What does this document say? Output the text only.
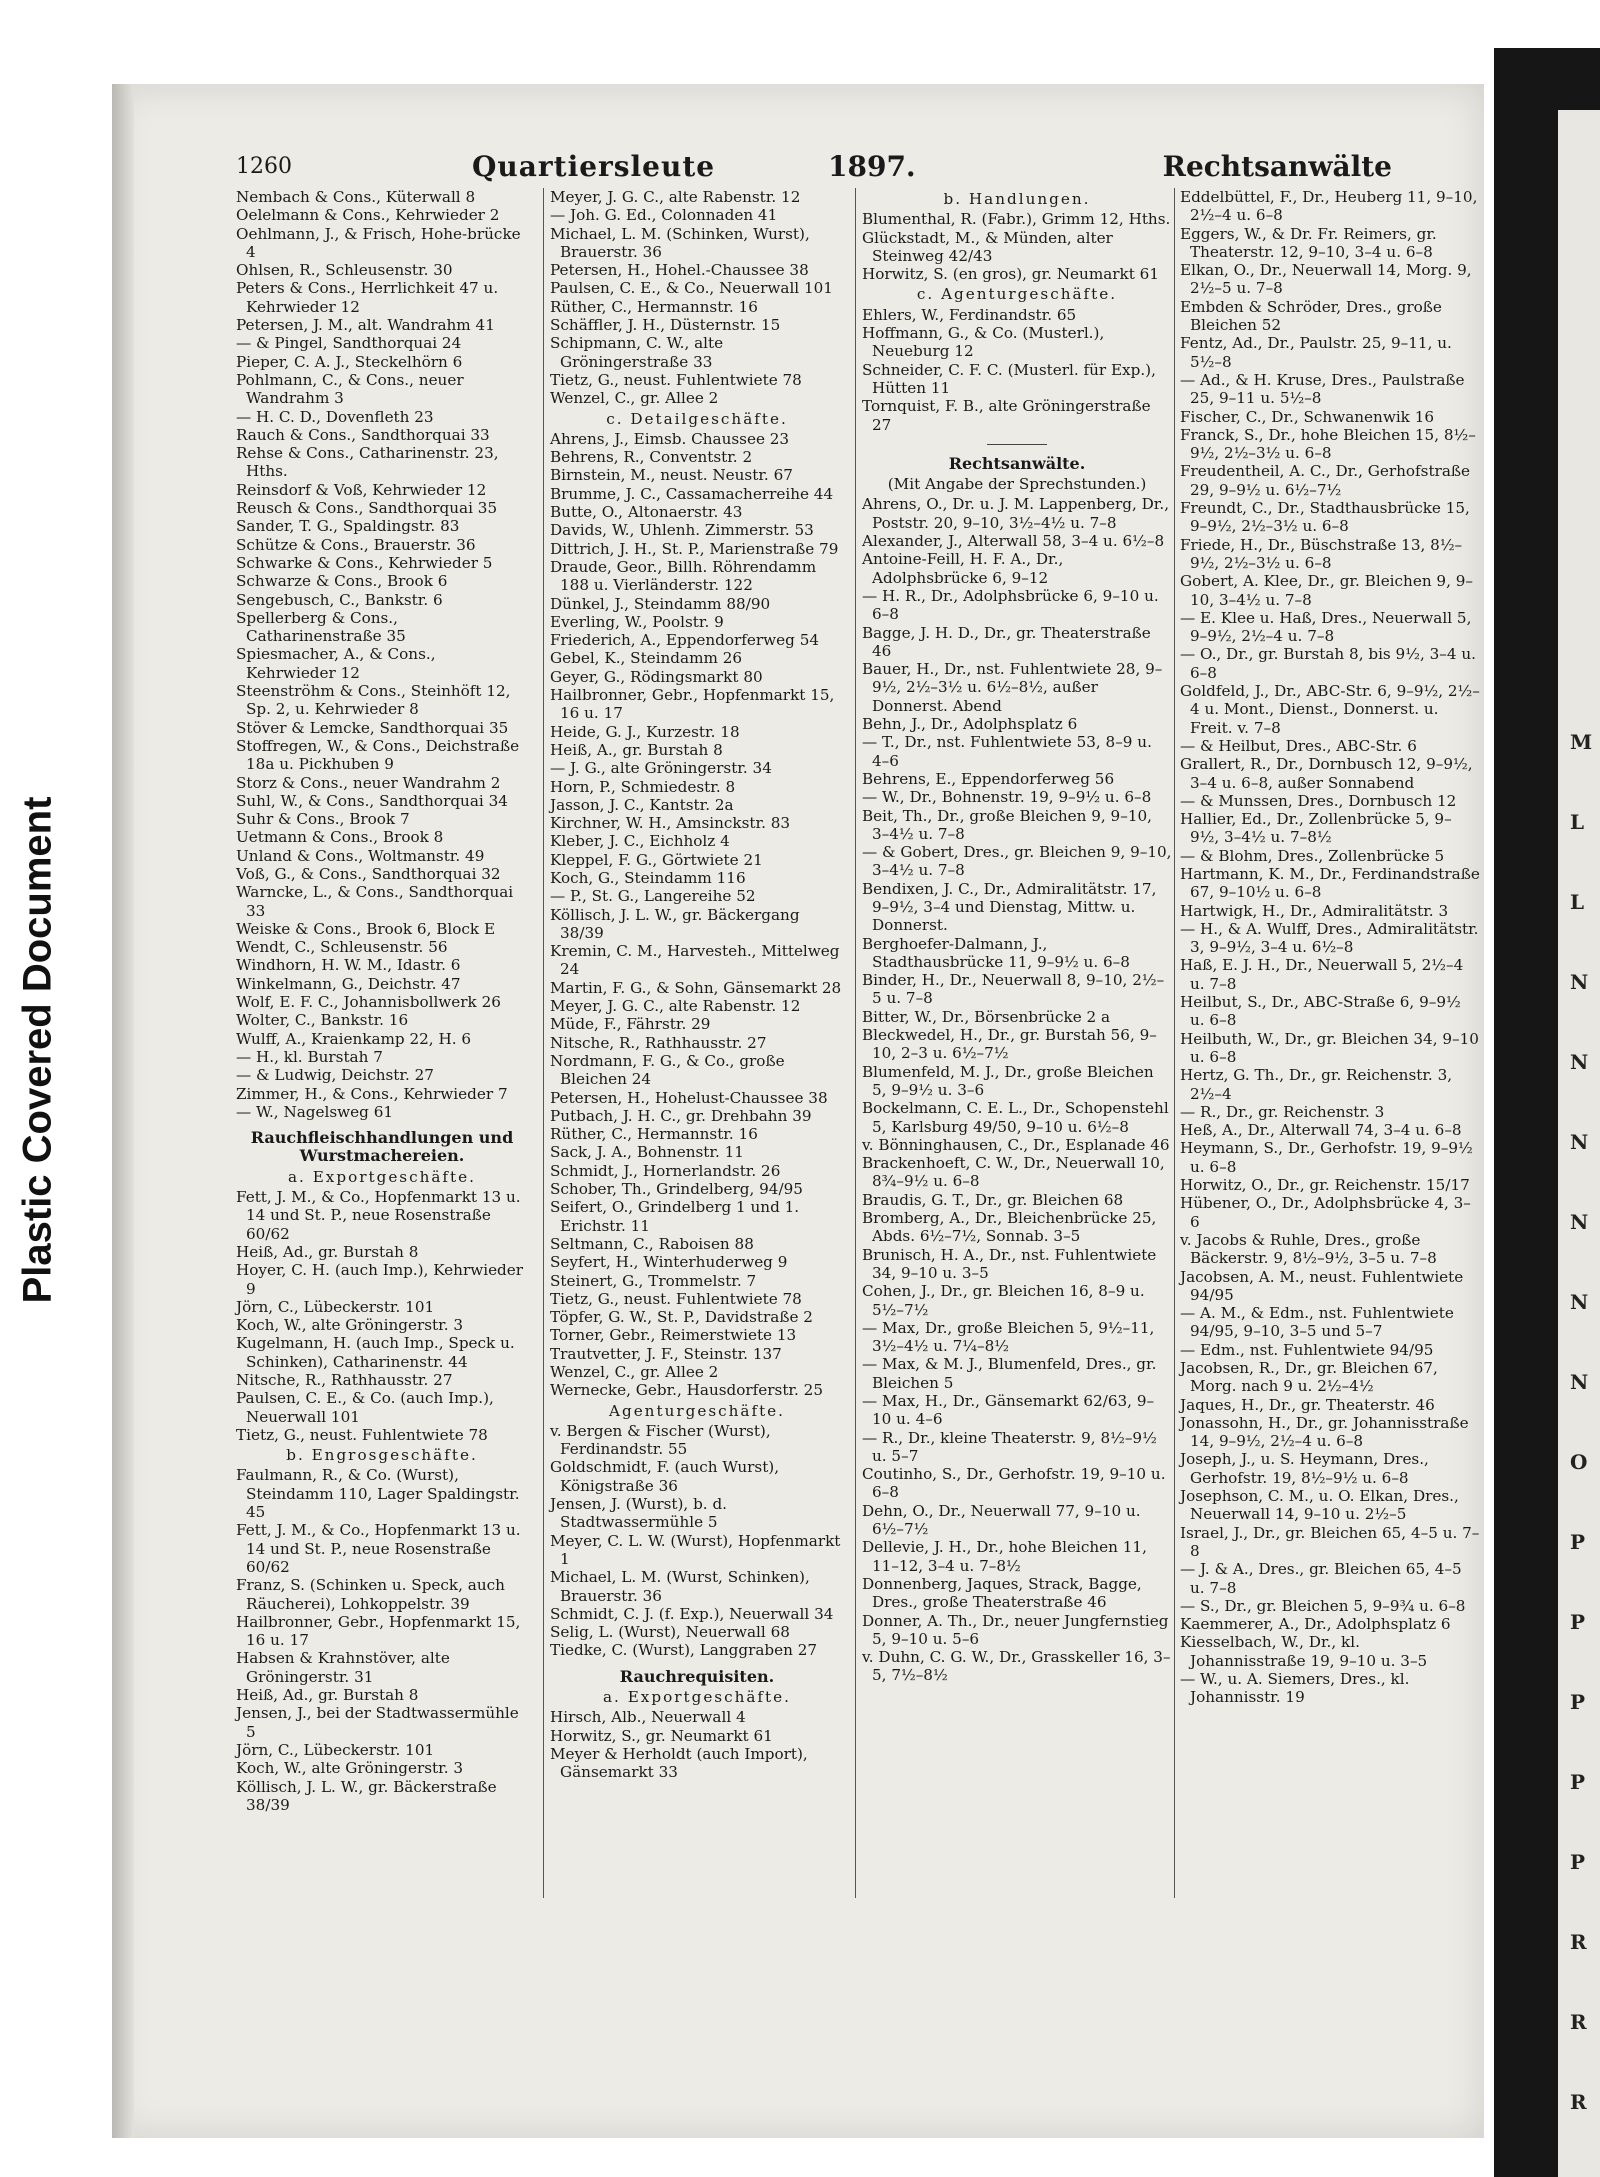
Plastic Covered Document
M
L
L
N
N
N
N
N
N
O
P
P
P
P
P
R
R
R
1260	Quartiersleute	1897.	Rechtsanwälte
Nembach & Cons., Küterwall 8
Oelelmann & Cons., Kehrwieder 2
Oehlmann, J., & Frisch, Hohe-brücke 4
Ohlsen, R., Schleusenstr. 30
Peters & Cons., Herrlichkeit 47 u. Kehrwieder 12
Petersen, J. M., alt. Wandrahm 41
— & Pingel, Sandthorquai 24
Pieper, C. A. J., Steckelhörn 6
Pohlmann, C., & Cons., neuer Wandrahm 3
— H. C. D., Dovenfleth 23
Rauch & Cons., Sandthorquai 33
Rehse & Cons., Catharinenstr. 23, Hths.
Reinsdorf & Voß, Kehrwieder 12
Reusch & Cons., Sandthorquai 35
Sander, T. G., Spaldingstr. 83
Schütze & Cons., Brauerstr. 36
Schwarke & Cons., Kehrwieder 5
Schwarze & Cons., Brook 6
Sengebusch, C., Bankstr. 6
Spellerberg & Cons., Catharinenstraße 35
Spiesmacher, A., & Cons., Kehrwieder 12
Steenströhm & Cons., Steinhöft 12, Sp. 2, u. Kehrwieder 8
Stöver & Lemcke, Sandthorquai 35
Stoffregen, W., & Cons., Deichstraße 18a u. Pickhuben 9
Storz & Cons., neuer Wandrahm 2
Suhl, W., & Cons., Sandthorquai 34
Suhr & Cons., Brook 7
Uetmann & Cons., Brook 8
Unland & Cons., Woltmanstr. 49
Voß, G., & Cons., Sandthorquai 32
Warncke, L., & Cons., Sandthorquai 33
Weiske & Cons., Brook 6, Block E
Wendt, C., Schleusenstr. 56
Windhorn, H. W. M., Idastr. 6
Winkelmann, G., Deichstr. 47
Wolf, E. F. C., Johannisbollwerk 26
Wolter, C., Bankstr. 16
Wulff, A., Kraienkamp 22, H. 6
— H., kl. Burstah 7
— & Ludwig, Deichstr. 27
Zimmer, H., & Cons., Kehrwieder 7
— W., Nagelsweg 61
Rauchfleischhandlungen und Wurstmachereien.
a. Exportgeschäfte.
Fett, J. M., & Co., Hopfenmarkt 13 u. 14 und St. P., neue Rosenstraße 60/62
Heiß, Ad., gr. Burstah 8
Hoyer, C. H. (auch Imp.), Kehrwieder 9
Jörn, C., Lübeckerstr. 101
Koch, W., alte Gröningerstr. 3
Kugelmann, H. (auch Imp., Speck u. Schinken), Catharinenstr. 44
Nitsche, R., Rathhausstr. 27
Paulsen, C. E., & Co. (auch Imp.), Neuerwall 101
Tietz, G., neust. Fuhlentwiete 78
b. Engrosgeschäfte.
Faulmann, R., & Co. (Wurst), Steindamm 110, Lager Spaldingstr. 45
Fett, J. M., & Co., Hopfenmarkt 13 u. 14 und St. P., neue Rosenstraße 60/62
Franz, S. (Schinken u. Speck, auch Räucherei), Lohkoppelstr. 39
Hailbronner, Gebr., Hopfenmarkt 15, 16 u. 17
Habsen & Krahnstöver, alte Gröningerstr. 31
Heiß, Ad., gr. Burstah 8
Jensen, J., bei der Stadtwassermühle 5
Jörn, C., Lübeckerstr. 101
Koch, W., alte Gröningerstr. 3
Köllisch, J. L. W., gr. Bäckerstraße 38/39
Meyer, J. G. C., alte Rabenstr. 12
— Joh. G. Ed., Colonnaden 41
Michael, L. M. (Schinken, Wurst), Brauerstr. 36
Petersen, H., Hohel.-Chaussee 38
Paulsen, C. E., & Co., Neuerwall 101
Rüther, C., Hermannstr. 16
Schäffler, J. H., Düsternstr. 15
Schipmann, C. W., alte Gröningerstraße 33
Tietz, G., neust. Fuhlentwiete 78
Wenzel, C., gr. Allee 2
c. Detailgeschäfte.
Ahrens, J., Eimsb. Chaussee 23
Behrens, R., Conventstr. 2
Birnstein, M., neust. Neustr. 67
Brumme, J. C., Cassamacherreihe 44
Butte, O., Altonaerstr. 43
Davids, W., Uhlenh. Zimmerstr. 53
Dittrich, J. H., St. P., Marienstraße 79
Draude, Geor., Billh. Röhrendamm 188 u. Vierländerstr. 122
Dünkel, J., Steindamm 88/90
Everling, W., Poolstr. 9
Friederich, A., Eppendorferweg 54
Gebel, K., Steindamm 26
Geyer, G., Rödingsmarkt 80
Hailbronner, Gebr., Hopfenmarkt 15, 16 u. 17
Heide, G. J., Kurzestr. 18
Heiß, A., gr. Burstah 8
— J. G., alte Gröningerstr. 34
Horn, P., Schmiedestr. 8
Jasson, J. C., Kantstr. 2a
Kirchner, W. H., Amsinckstr. 83
Kleber, J. C., Eichholz 4
Kleppel, F. G., Görtwiete 21
Koch, G., Steindamm 116
— P., St. G., Langereihe 52
Köllisch, J. L. W., gr. Bäckergang 38/39
Kremin, C. M., Harvesteh., Mittelweg 24
Martin, F. G., & Sohn, Gänsemarkt 28
Meyer, J. G. C., alte Rabenstr. 12
Müde, F., Fährstr. 29
Nitsche, R., Rathhausstr. 27
Nordmann, F. G., & Co., große Bleichen 24
Petersen, H., Hohelust-Chaussee 38
Putbach, J. H. C., gr. Drehbahn 39
Rüther, C., Hermannstr. 16
Sack, J. A., Bohnenstr. 11
Schmidt, J., Hornerlandstr. 26
Schober, Th., Grindelberg, 94/95
Seifert, O., Grindelberg 1 und 1. Erichstr. 11
Seltmann, C., Raboisen 88
Seyfert, H., Winterhuderweg 9
Steinert, G., Trommelstr. 7
Tietz, G., neust. Fuhlentwiete 78
Töpfer, G. W., St. P., Davidstraße 2
Torner, Gebr., Reimerstwiete 13
Trautvetter, J. F., Steinstr. 137
Wenzel, C., gr. Allee 2
Wernecke, Gebr., Hausdorferstr. 25
Agenturgeschäfte.
v. Bergen & Fischer (Wurst), Ferdinandstr. 55
Goldschmidt, F. (auch Wurst), Königstraße 36
Jensen, J. (Wurst), b. d. Stadtwassermühle 5
Meyer, C. L. W. (Wurst), Hopfenmarkt 1
Michael, L. M. (Wurst, Schinken), Brauerstr. 36
Schmidt, C. J. (f. Exp.), Neuerwall 34
Selig, L. (Wurst), Neuerwall 68
Tiedke, C. (Wurst), Langgraben 27
Rauchrequisiten.
a. Exportgeschäfte.
Hirsch, Alb., Neuerwall 4
Horwitz, S., gr. Neumarkt 61
Meyer & Herholdt (auch Import), Gänsemarkt 33
b. Handlungen.
Blumenthal, R. (Fabr.), Grimm 12, Hths.
Glückstadt, M., & Münden, alter Steinweg 42/43
Horwitz, S. (en gros), gr. Neumarkt 61
c. Agenturgeschäfte.
Ehlers, W., Ferdinandstr. 65
Hoffmann, G., & Co. (Musterl.), Neueburg 12
Schneider, C. F. C. (Musterl. für Exp.), Hütten 11
Tornquist, F. B., alte Gröningerstraße 27
Rechtsanwälte.
(Mit Angabe der Sprechstunden.)
Ahrens, O., Dr. u. J. M. Lappenberg, Dr., Poststr. 20, 9–10, 3½–4½ u. 7–8
Alexander, J., Alterwall 58, 3–4 u. 6½–8
Antoine-Feill, H. F. A., Dr., Adolphsbrücke 6, 9–12
— H. R., Dr., Adolphsbrücke 6, 9–10 u. 6–8
Bagge, J. H. D., Dr., gr. Theaterstraße 46
Bauer, H., Dr., nst. Fuhlentwiete 28, 9–9½, 2½–3½ u. 6½–8½, außer Donnerst. Abend
Behn, J., Dr., Adolphsplatz 6
— T., Dr., nst. Fuhlentwiete 53, 8–9 u. 4–6
Behrens, E., Eppendorferweg 56
— W., Dr., Bohnenstr. 19, 9–9½ u. 6–8
Beit, Th., Dr., große Bleichen 9, 9–10, 3–4½ u. 7–8
— & Gobert, Dres., gr. Bleichen 9, 9–10, 3–4½ u. 7–8
Bendixen, J. C., Dr., Admiralitätstr. 17, 9–9½, 3–4 und Dienstag, Mittw. u. Donnerst.
Berghoefer-Dalmann, J., Stadthausbrücke 11, 9–9½ u. 6–8
Binder, H., Dr., Neuerwall 8, 9–10, 2½–5 u. 7–8
Bitter, W., Dr., Börsenbrücke 2 a
Bleckwedel, H., Dr., gr. Burstah 56, 9–10, 2–3 u. 6½–7½
Blumenfeld, M. J., Dr., große Bleichen 5, 9–9½ u. 3–6
Bockelmann, C. E. L., Dr., Schopenstehl 5, Karlsburg 49/50, 9–10 u. 6½–8
v. Bönninghausen, C., Dr., Esplanade 46
Brackenhoeft, C. W., Dr., Neuerwall 10, 8¾–9½ u. 6–8
Braudis, G. T., Dr., gr. Bleichen 68
Bromberg, A., Dr., Bleichenbrücke 25, Abds. 6½–7½, Sonnab. 3–5
Brunisch, H. A., Dr., nst. Fuhlentwiete 34, 9–10 u. 3–5
Cohen, J., Dr., gr. Bleichen 16, 8–9 u. 5½–7½
— Max, Dr., große Bleichen 5, 9½–11, 3½–4½ u. 7¼–8½
— Max, & M. J., Blumenfeld, Dres., gr. Bleichen 5
— Max, H., Dr., Gänsemarkt 62/63, 9–10 u. 4–6
— R., Dr., kleine Theaterstr. 9, 8½–9½ u. 5–7
Coutinho, S., Dr., Gerhofstr. 19, 9–10 u. 6–8
Dehn, O., Dr., Neuerwall 77, 9–10 u. 6½–7½
Dellevie, J. H., Dr., hohe Bleichen 11, 11–12, 3–4 u. 7–8½
Donnenberg, Jaques, Strack, Bagge, Dres., große Theaterstraße 46
Donner, A. Th., Dr., neuer Jungfernstieg 5, 9–10 u. 5–6
v. Duhn, C. G. W., Dr., Grasskeller 16, 3–5, 7½–8½
Eddelbüttel, F., Dr., Heuberg 11, 9–10, 2½–4 u. 6–8
Eggers, W., & Dr. Fr. Reimers, gr. Theaterstr. 12, 9–10, 3–4 u. 6–8
Elkan, O., Dr., Neuerwall 14, Morg. 9, 2½–5 u. 7–8
Embden & Schröder, Dres., große Bleichen 52
Fentz, Ad., Dr., Paulstr. 25, 9–11, u. 5½–8
— Ad., & H. Kruse, Dres., Paulstraße 25, 9–11 u. 5½–8
Fischer, C., Dr., Schwanenwik 16
Franck, S., Dr., hohe Bleichen 15, 8½–9½, 2½–3½ u. 6–8
Freudentheil, A. C., Dr., Gerhofstraße 29, 9–9½ u. 6½–7½
Freundt, C., Dr., Stadthausbrücke 15, 9–9½, 2½–3½ u. 6–8
Friede, H., Dr., Büschstraße 13, 8½–9½, 2½–3½ u. 6–8
Gobert, A. Klee, Dr., gr. Bleichen 9, 9–10, 3–4½ u. 7–8
— E. Klee u. Haß, Dres., Neuerwall 5, 9–9½, 2½–4 u. 7–8
— O., Dr., gr. Burstah 8, bis 9½, 3–4 u. 6–8
Goldfeld, J., Dr., ABC-Str. 6, 9–9½, 2½–4 u. Mont., Dienst., Donnerst. u. Freit. v. 7–8
— & Heilbut, Dres., ABC-Str. 6
Grallert, R., Dr., Dornbusch 12, 9–9½, 3–4 u. 6–8, außer Sonnabend
— & Munssen, Dres., Dornbusch 12
Hallier, Ed., Dr., Zollenbrücke 5, 9–9½, 3–4½ u. 7–8½
— & Blohm, Dres., Zollenbrücke 5
Hartmann, K. M., Dr., Ferdinandstraße 67, 9–10½ u. 6–8
Hartwigk, H., Dr., Admiralitätstr. 3
— H., & A. Wulff, Dres., Admiralitätstr. 3, 9–9½, 3–4 u. 6½–8
Haß, E. J. H., Dr., Neuerwall 5, 2½–4 u. 7–8
Heilbut, S., Dr., ABC-Straße 6, 9–9½ u. 6–8
Heilbuth, W., Dr., gr. Bleichen 34, 9–10 u. 6–8
Hertz, G. Th., Dr., gr. Reichenstr. 3, 2½–4
— R., Dr., gr. Reichenstr. 3
Heß, A., Dr., Alterwall 74, 3–4 u. 6–8
Heymann, S., Dr., Gerhofstr. 19, 9–9½ u. 6–8
Horwitz, O., Dr., gr. Reichenstr. 15/17
Hübener, O., Dr., Adolphsbrücke 4, 3–6
v. Jacobs & Ruhle, Dres., große Bäckerstr. 9, 8½–9½, 3–5 u. 7–8
Jacobsen, A. M., neust. Fuhlentwiete 94/95
— A. M., & Edm., nst. Fuhlentwiete 94/95, 9–10, 3–5 und 5–7
— Edm., nst. Fuhlentwiete 94/95
Jacobsen, R., Dr., gr. Bleichen 67, Morg. nach 9 u. 2½–4½
Jaques, H., Dr., gr. Theaterstr. 46
Jonassohn, H., Dr., gr. Johannisstraße 14, 9–9½, 2½–4 u. 6–8
Joseph, J., u. S. Heymann, Dres., Gerhofstr. 19, 8½–9½ u. 6–8
Josephson, C. M., u. O. Elkan, Dres., Neuerwall 14, 9–10 u. 2½–5
Israel, J., Dr., gr. Bleichen 65, 4–5 u. 7–8
— J. & A., Dres., gr. Bleichen 65, 4–5 u. 7–8
— S., Dr., gr. Bleichen 5, 9–9¾ u. 6–8
Kaemmerer, A., Dr., Adolphsplatz 6
Kiesselbach, W., Dr., kl. Johannisstraße 19, 9–10 u. 3–5
— W., u. A. Siemers, Dres., kl. Johannisstr. 19
